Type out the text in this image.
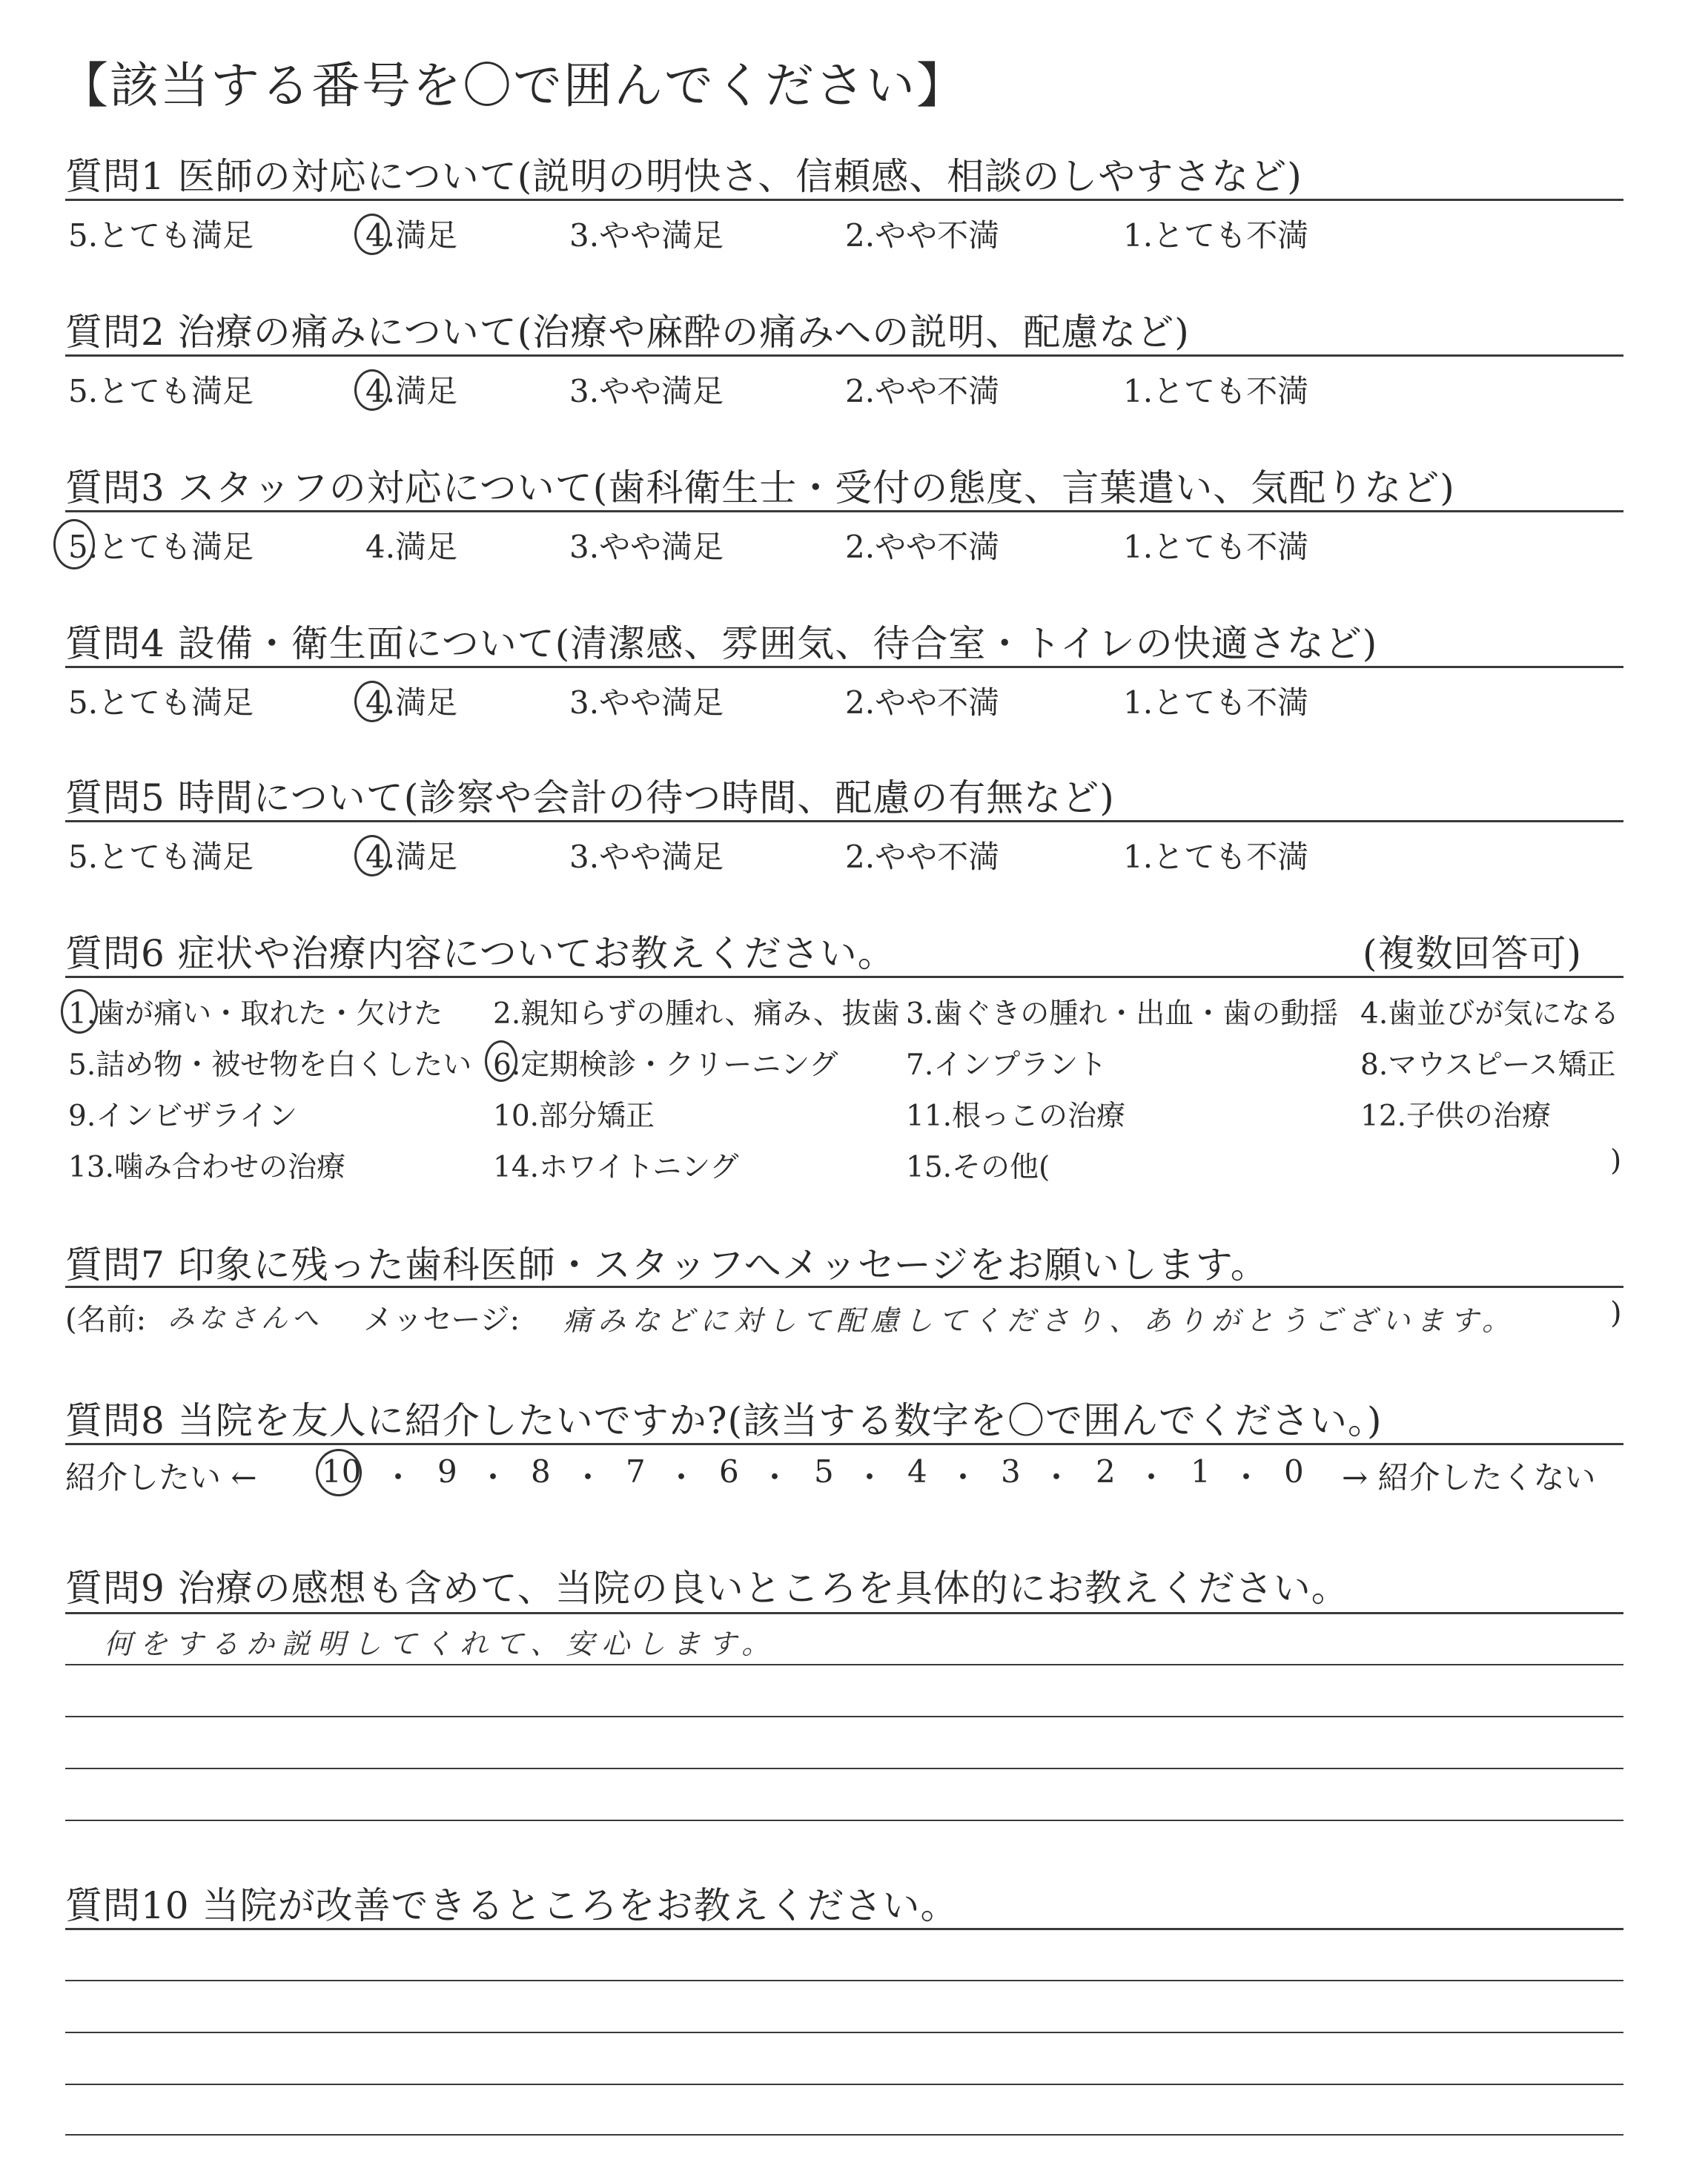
【該当する番号を〇で囲んでください】
質問1 医師の対応について(説明の明快さ、信頼感、相談のしやすさなど)
5.とても満足	4.満足	3.やや満足	2.やや不満	1.とても不満
質問2 治療の痛みについて(治療や麻酔の痛みへの説明、配慮など)
5.とても満足	4.満足	3.やや満足	2.やや不満	1.とても不満
質問3 スタッフの対応について(歯科衛生士・受付の態度、言葉遣い、気配りなど)
5.とても満足	4.満足	3.やや満足	2.やや不満	1.とても不満
質問4 設備・衛生面について(清潔感、雰囲気、待合室・トイレの快適さなど)
5.とても満足	4.満足	3.やや満足	2.やや不満	1.とても不満
質問5 時間について(診察や会計の待つ時間、配慮の有無など)
5.とても満足	4.満足	3.やや満足	2.やや不満	1.とても不満
質問6 症状や治療内容についてお教えください。	(複数回答可)
1.歯が痛い・取れた・欠けた 2.親知らずの腫れ、痛み、抜歯 3.歯ぐきの腫れ・出血・歯の動揺 4.歯並びが気になる
5.詰め物・被せ物を白くしたい 6.定期検診・クリーニング 7.インプラント	8.マウスピース矯正
9.インビザライン	10.部分矯正	11.根っこの治療	12.子供の治療
13.噛み合わせの治療	14.ホワイトニング	15.その他(	)
質問7 印象に残った歯科医師・スタッフへメッセージをお願いします。
(名前: みなさんへ メッセージ: 痛みなどに対して配慮してくださり、ありがとうございます。	)
質問8 当院を友人に紹介したいですか?(該当する数字を〇で囲んでください。)
紹介したい ← 10 ・ 9 ・ 8 ・ 7 ・ 6 ・ 5 ・ 4 ・ 3 ・ 2 ・ 1 ・ 0 → 紹介したくない
質問9 治療の感想も含めて、当院の良いところを具体的にお教えください。
何をするか説明してくれて、安心します。
質問10 当院が改善できるところをお教えください。
